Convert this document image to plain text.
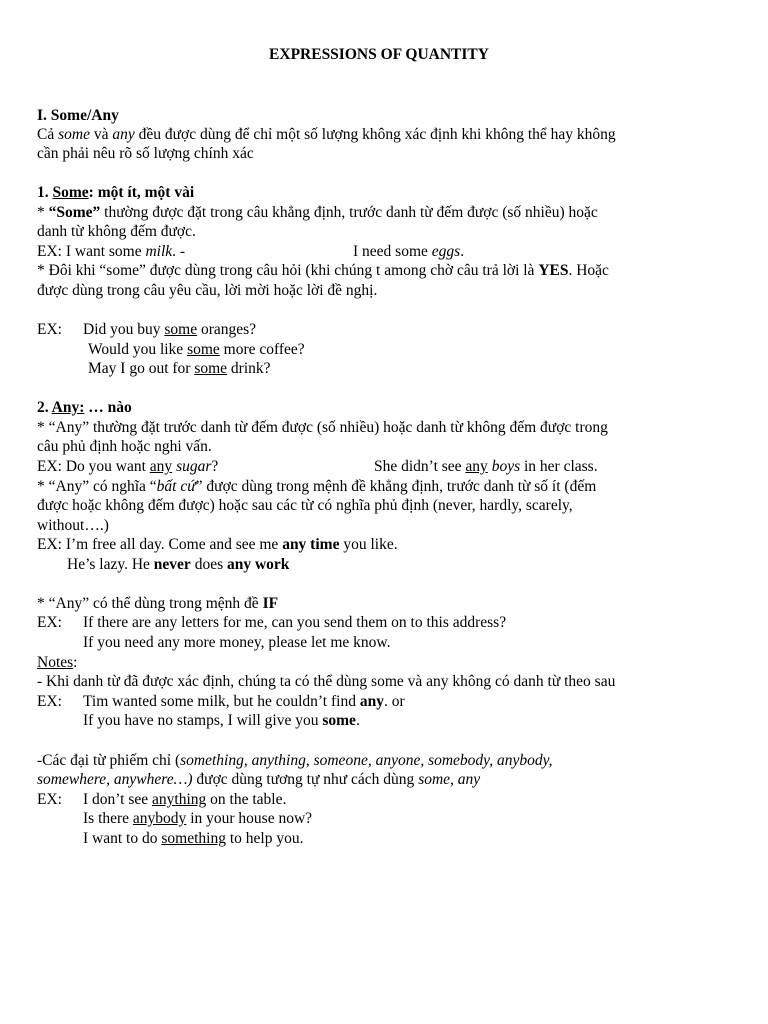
EXPRESSIONS OF QUANTITY
I. Some/Any
Cả some và any đều được dùng để chỉ một số lượng không xác định khi không thể hay không
cần phải nêu rõ số lượng chính xác
1. Some: một ít, một vài
* “Some” thường được đặt trong câu khẳng định, trước danh từ đếm được (số nhiều) hoặc
danh từ không đếm được.
EX: I want some milk. -	I need some eggs.
* Đôi khi “some” được dùng trong câu hỏi (khi chúng t among chờ câu trả lời là YES. Hoặc
được dùng trong câu yêu cầu, lời mời hoặc lời đề nghị.
EX: Did you buy some oranges?
Would you like some more coffee?
May I go out for some drink?
2. Any: … nào
* “Any” thường đặt trước danh từ đếm được (số nhiều) hoặc danh từ không đếm được trong
câu phủ định hoặc nghi vấn.
EX: Do you want any sugar?	She didn’t see any boys in her class.
* “Any” có nghĩa “bất cứ” được dùng trong mệnh đề khẳng định, trước danh từ số ít (đếm
được hoặc không đếm được) hoặc sau các từ có nghĩa phủ định (never, hardly, scarely,
without….)
EX: I’m free all day. Come and see me any time you like.
He’s lazy. He never does any work
* “Any” có thể dùng trong mệnh đề IF
EX: If there are any letters for me, can you send them on to this address?
If you need any more money, please let me know.
Notes:
- Khi danh từ đã được xác định, chúng ta có thể dùng some và any không có danh từ theo sau
EX: Tim wanted some milk, but he couldn’t find any. or
If you have no stamps, I will give you some.
-Các đại từ phiếm chỉ (something, anything, someone, anyone, somebody, anybody,
somewhere, anywhere…) được dùng tương tự như cách dùng some, any
EX: I don’t see anything on the table.
Is there anybody in your house now?
I want to do something to help you.
